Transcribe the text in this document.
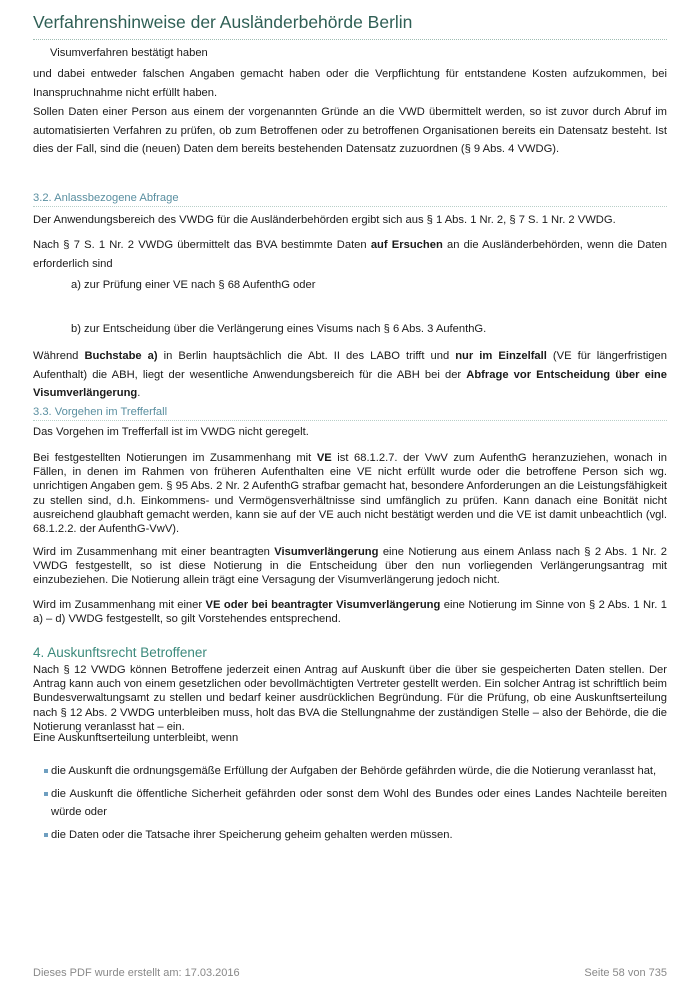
Verfahrenshinweise der Ausländerbehörde Berlin
Visumverfahren bestätigt haben
und dabei entweder falschen Angaben gemacht haben oder die Verpflichtung für entstandene Kosten aufzukommen, bei Inanspruchnahme nicht erfüllt haben.
Sollen Daten einer Person aus einem der vorgenannten Gründe an die VWD übermittelt werden, so ist zuvor durch Abruf im automatisierten Verfahren zu prüfen, ob zum Betroffenen oder zu betroffenen Organisationen bereits ein Datensatz besteht. Ist dies der Fall, sind die (neuen) Daten dem bereits bestehenden Datensatz zuzuordnen (§ 9 Abs. 4 VWDG).
3.2. Anlassbezogene Abfrage
Der Anwendungsbereich des VWDG für die Ausländerbehörden ergibt sich aus § 1 Abs. 1 Nr. 2, § 7 S. 1 Nr. 2 VWDG.
Nach § 7 S. 1 Nr. 2 VWDG übermittelt das BVA bestimmte Daten auf Ersuchen an die Ausländerbehörden, wenn die Daten erforderlich sind
a) zur Prüfung einer VE nach § 68 AufenthG oder
b) zur Entscheidung über die Verlängerung eines Visums nach § 6 Abs. 3 AufenthG.
Während Buchstabe a) in Berlin hauptsächlich die Abt. II des LABO trifft und nur im Einzelfall (VE für längerfristigen Aufenthalt) die ABH, liegt der wesentliche Anwendungsbereich für die ABH bei der Abfrage vor Entscheidung über eine Visumverlängerung.
3.3. Vorgehen im Trefferfall
Das Vorgehen im Trefferfall ist im VWDG nicht geregelt.
Bei festgestellten Notierungen im Zusammenhang mit VE ist 68.1.2.7. der VwV zum AufenthG heranzuziehen, wonach in Fällen, in denen im Rahmen von früheren Aufenthalten eine VE nicht erfüllt wurde oder die betroffene Person sich wg. unrichtigen Angaben gem. § 95 Abs. 2 Nr. 2 AufenthG strafbar gemacht hat, besondere Anforderungen an die Leistungsfähigkeit zu stellen sind, d.h. Einkommens- und Vermögensverhältnisse sind umfänglich zu prüfen. Kann danach eine Bonität nicht ausreichend glaubhaft gemacht werden, kann sie auf der VE auch nicht bestätigt werden und die VE ist damit unbeachtlich (vgl. 68.1.2.2. der AufenthG-VwV).
Wird im Zusammenhang mit einer beantragten Visumverlängerung eine Notierung aus einem Anlass nach § 2 Abs. 1 Nr. 2 VWDG festgestellt, so ist diese Notierung in die Entscheidung über den nun vorliegenden Verlängerungsantrag mit einzubeziehen. Die Notierung allein trägt eine Versagung der Visumverlängerung jedoch nicht.
Wird im Zusammenhang mit einer VE oder bei beantragter Visumverlängerung eine Notierung im Sinne von § 2 Abs. 1 Nr. 1 a) – d) VWDG festgestellt, so gilt Vorstehendes entsprechend.
4. Auskunftsrecht Betroffener
Nach § 12 VWDG können Betroffene jederzeit einen Antrag auf Auskunft über die über sie gespeicherten Daten stellen. Der Antrag kann auch von einem gesetzlichen oder bevollmächtigten Vertreter gestellt werden. Ein solcher Antrag ist schriftlich beim Bundesverwaltungsamt zu stellen und bedarf keiner ausdrücklichen Begründung. Für die Prüfung, ob eine Auskunftserteilung nach § 12 Abs. 2 VWDG unterbleiben muss, holt das BVA die Stellungnahme der zuständigen Stelle – also der Behörde, die die Notierung veranlasst hat – ein.
Eine Auskunftserteilung unterbleibt, wenn
die Auskunft die ordnungsgemäße Erfüllung der Aufgaben der Behörde gefährden würde, die die Notierung veranlasst hat,
die Auskunft die öffentliche Sicherheit gefährden oder sonst dem Wohl des Bundes oder eines Landes Nachteile bereiten würde oder
die Daten oder die Tatsache ihrer Speicherung geheim gehalten werden müssen.
Dieses PDF wurde erstellt am: 17.03.2016	Seite 58 von 735
